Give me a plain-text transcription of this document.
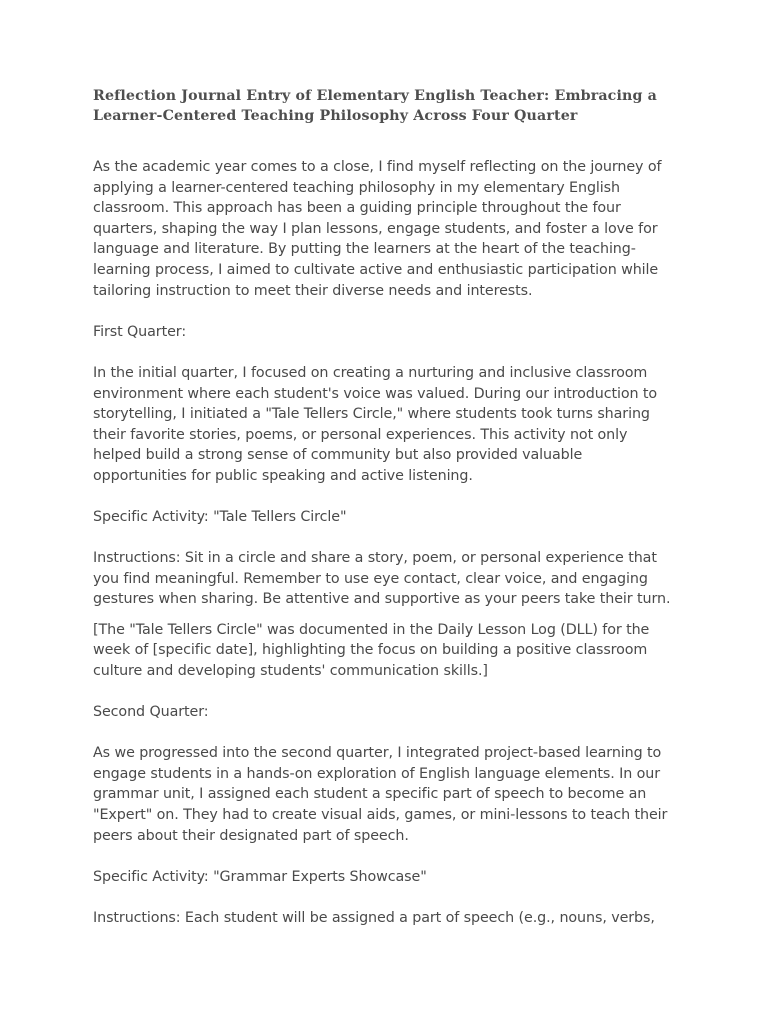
Reflection Journal Entry of Elementary English Teacher: Embracing a Learner-Centered Teaching Philosophy Across Four Quarter

As the academic year comes to a close, I find myself reflecting on the journey of applying a learner-centered teaching philosophy in my elementary English classroom. This approach has been a guiding principle throughout the four quarters, shaping the way I plan lessons, engage students, and foster a love for language and literature. By putting the learners at the heart of the teaching-learning process, I aimed to cultivate active and enthusiastic participation while tailoring instruction to meet their diverse needs and interests.

First Quarter:

In the initial quarter, I focused on creating a nurturing and inclusive classroom environment where each student's voice was valued. During our introduction to storytelling, I initiated a "Tale Tellers Circle," where students took turns sharing their favorite stories, poems, or personal experiences. This activity not only helped build a strong sense of community but also provided valuable opportunities for public speaking and active listening.

Specific Activity: "Tale Tellers Circle"

Instructions: Sit in a circle and share a story, poem, or personal experience that you find meaningful. Remember to use eye contact, clear voice, and engaging gestures when sharing. Be attentive and supportive as your peers take their turn.

[The "Tale Tellers Circle" was documented in the Daily Lesson Log (DLL) for the week of [specific date], highlighting the focus on building a positive classroom culture and developing students' communication skills.]

Second Quarter:

As we progressed into the second quarter, I integrated project-based learning to engage students in a hands-on exploration of English language elements. In our grammar unit, I assigned each student a specific part of speech to become an "Expert" on. They had to create visual aids, games, or mini-lessons to teach their peers about their designated part of speech.

Specific Activity: "Grammar Experts Showcase"

Instructions: Each student will be assigned a part of speech (e.g., nouns, verbs,
